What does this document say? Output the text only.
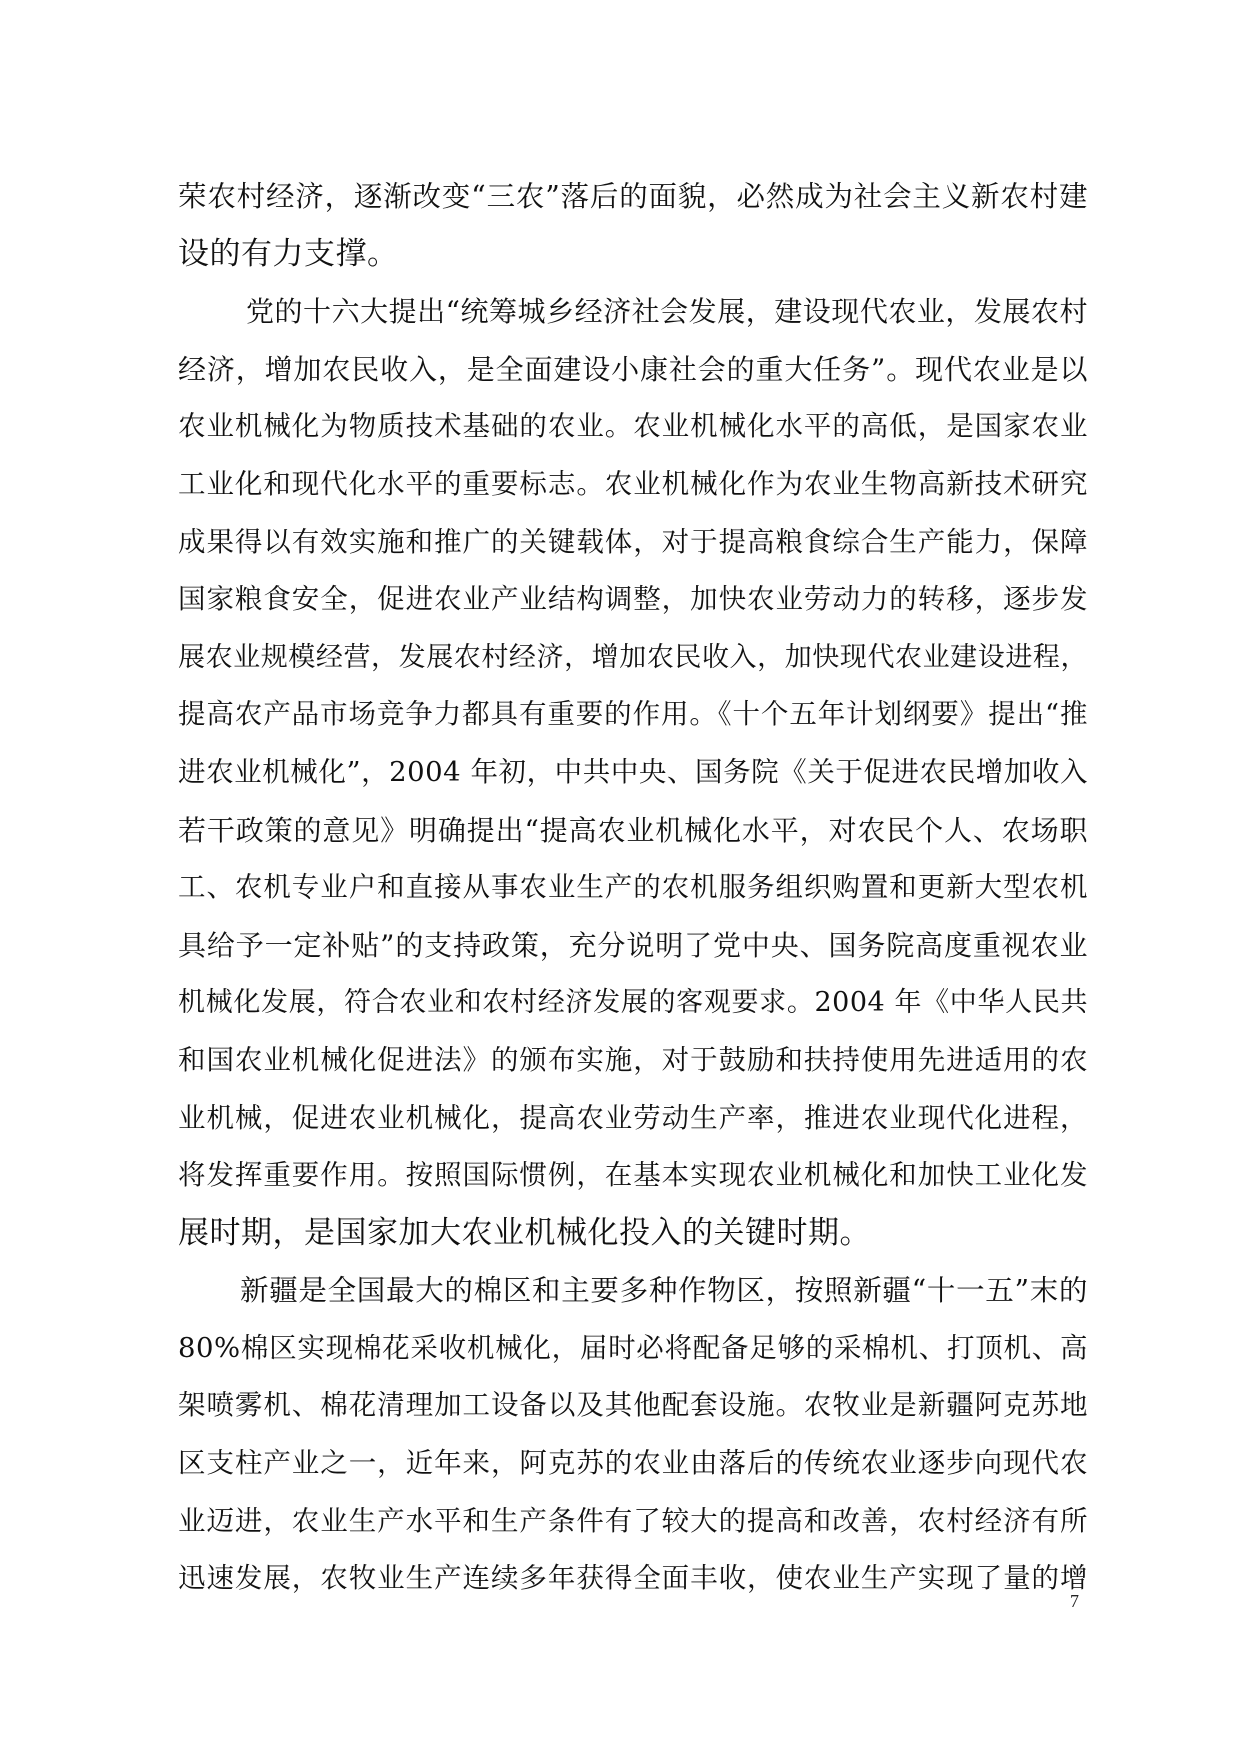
荣农村经济，逐渐改变“三农”落后的面貌，必然成为社会主义新农村建
设的有力支撑。
党的十六大提出“统筹城乡经济社会发展，建设现代农业，发展农村
经济，增加农民收入，是全面建设小康社会的重大任务”。现代农业是以
农业机械化为物质技术基础的农业。农业机械化水平的高低，是国家农业
工业化和现代化水平的重要标志。农业机械化作为农业生物高新技术研究
成果得以有效实施和推广的关键载体，对于提高粮食综合生产能力，保障
国家粮食安全，促进农业产业结构调整，加快农业劳动力的转移，逐步发
展农业规模经营，发展农村经济，增加农民收入，加快现代农业建设进程，
提高农产品市场竞争力都具有重要的作用。《十个五年计划纲要》提出“推
进农业机械化”，2004 年初，中共中央、国务院《关于促进农民增加收入
若干政策的意见》明确提出“提高农业机械化水平，对农民个人、农场职
工、农机专业户和直接从事农业生产的农机服务组织购置和更新大型农机
具给予一定补贴”的支持政策，充分说明了党中央、国务院高度重视农业
机械化发展，符合农业和农村经济发展的客观要求。2004 年《中华人民共
和国农业机械化促进法》的颁布实施，对于鼓励和扶持使用先进适用的农
业机械，促进农业机械化，提高农业劳动生产率，推进农业现代化进程，
将发挥重要作用。按照国际惯例，在基本实现农业机械化和加快工业化发
展时期，是国家加大农业机械化投入的关键时期。
新疆是全国最大的棉区和主要多种作物区，按照新疆“十一五”末的
80%棉区实现棉花采收机械化，届时必将配备足够的采棉机、打顶机、高
架喷雾机、棉花清理加工设备以及其他配套设施。农牧业是新疆阿克苏地
区支柱产业之一，近年来，阿克苏的农业由落后的传统农业逐步向现代农
业迈进，农业生产水平和生产条件有了较大的提高和改善，农村经济有所
迅速发展，农牧业生产连续多年获得全面丰收，使农业生产实现了量的增
7
